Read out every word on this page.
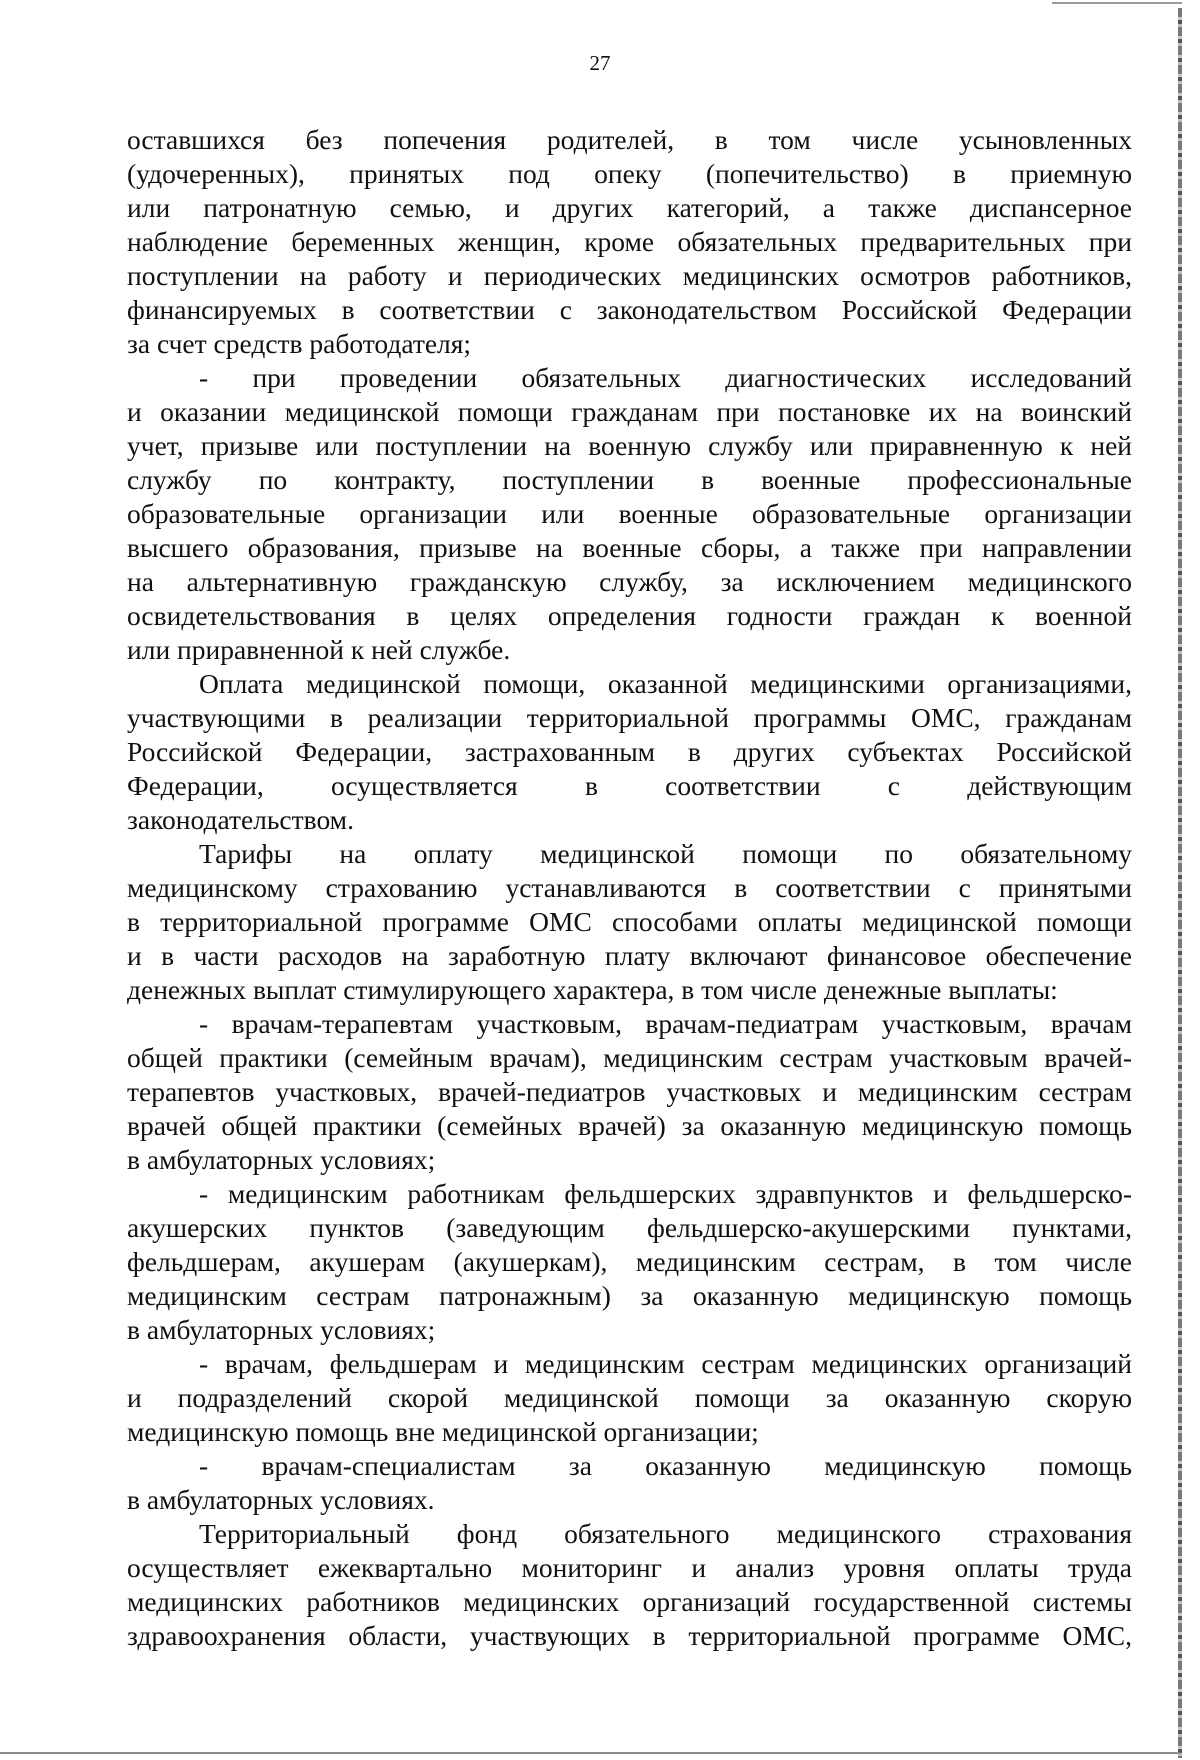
27
оставшихся без попечения родителей, в том числе усыновленных
(удочеренных), принятых под опеку (попечительство) в приемную
или патронатную семью, и других категорий, а также диспансерное
наблюдение беременных женщин, кроме обязательных предварительных при
поступлении на работу и периодических медицинских осмотров работников,
финансируемых в соответствии с законодательством Российской Федерации
за счет средств работодателя;
- при проведении обязательных диагностических исследований
и оказании медицинской помощи гражданам при постановке их на воинский
учет, призыве или поступлении на военную службу или приравненную к ней
службу по контракту, поступлении в военные профессиональные
образовательные организации или военные образовательные организации
высшего образования, призыве на военные сборы, а также при направлении
на альтернативную гражданскую службу, за исключением медицинского
освидетельствования в целях определения годности граждан к военной
или приравненной к ней службе.
Оплата медицинской помощи, оказанной медицинскими организациями,
участвующими в реализации территориальной программы ОМС, гражданам
Российской Федерации, застрахованным в других субъектах Российской
Федерации, осуществляется в соответствии с действующим
законодательством.
Тарифы на оплату медицинской помощи по обязательному
медицинскому страхованию устанавливаются в соответствии с принятыми
в территориальной программе ОМС способами оплаты медицинской помощи
и в части расходов на заработную плату включают финансовое обеспечение
денежных выплат стимулирующего характера, в том числе денежные выплаты:
- врачам-терапевтам участковым, врачам-педиатрам участковым, врачам
общей практики (семейным врачам), медицинским сестрам участковым врачей-
терапевтов участковых, врачей-педиатров участковых и медицинским сестрам
врачей общей практики (семейных врачей) за оказанную медицинскую помощь
в амбулаторных условиях;
- медицинским работникам фельдшерских здравпунктов и фельдшерско-
акушерских пунктов (заведующим фельдшерско-акушерскими пунктами,
фельдшерам, акушерам (акушеркам), медицинским сестрам, в том числе
медицинским сестрам патронажным) за оказанную медицинскую помощь
в амбулаторных условиях;
- врачам, фельдшерам и медицинским сестрам медицинских организаций
и подразделений скорой медицинской помощи за оказанную скорую
медицинскую помощь вне медицинской организации;
- врачам-специалистам за оказанную медицинскую помощь
в амбулаторных условиях.
Территориальный фонд обязательного медицинского страхования
осуществляет ежеквартально мониторинг и анализ уровня оплаты труда
медицинских работников медицинских организаций государственной системы
здравоохранения области, участвующих в территориальной программе ОМС,
